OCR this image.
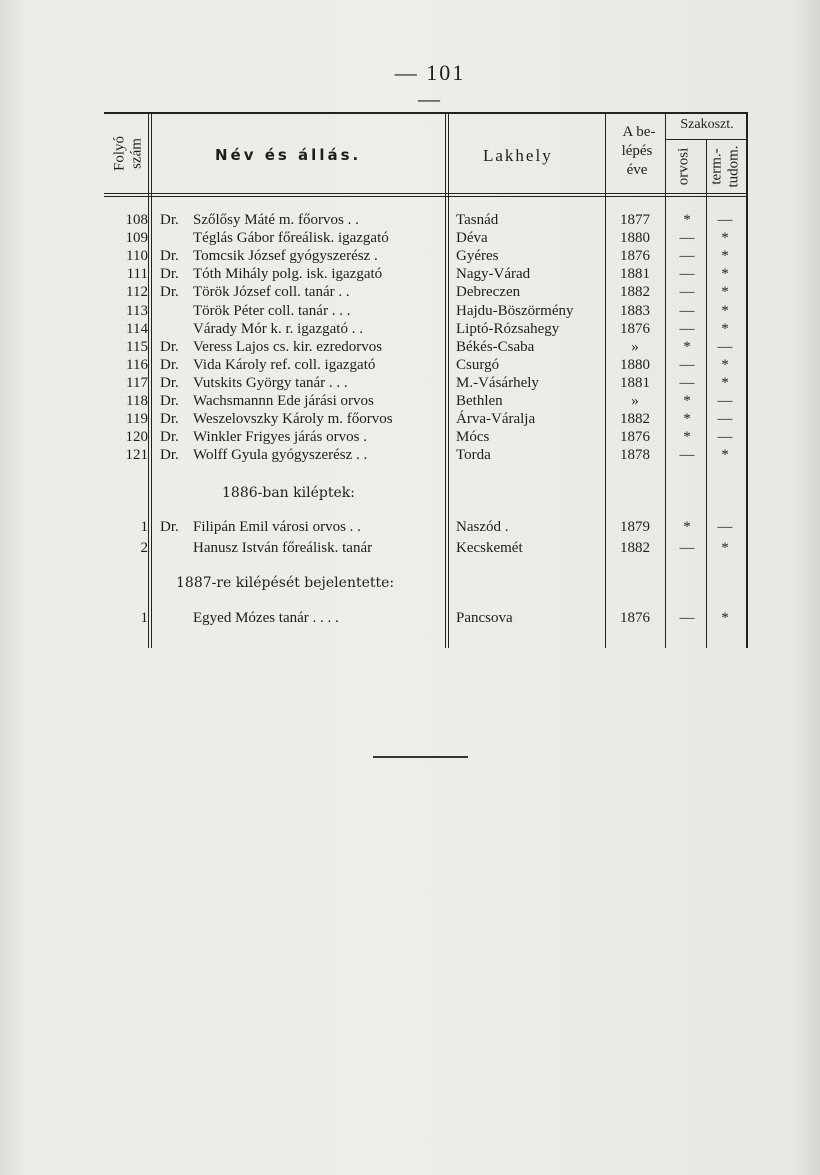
— 101 —
Folyó szám	Név és állás.	Lakhely
A be-
lépés
éve
Szakoszt.
orvosi term.- tudom.
108 Dr. Szőlősy Máté m. főorvos . .	Tasnád	1877	*	—
109	Téglás Gábor főreálisk. igazgató	Déva	1880	—	*
110 Dr. Tomcsik József gyógyszerész .	Gyéres	1876	—	*
111 Dr. Tóth Mihály polg. isk. igazgató	Nagy-Várad	1881	—	*
112 Dr. Török József coll. tanár . .	Debreczen	1882	—	*
113	Török Péter coll. tanár . . .	Hajdu-Böszörmény	1883	—	*
114	Várady Mór k. r. igazgató . .	Liptó-Rózsahegy	1876	—	*
115 Dr. Veress Lajos cs. kir. ezredorvos	Békés-Csaba	»	*	—
116 Dr. Vida Károly ref. coll. igazgató	Csurgó	1880	—	*
117 Dr. Vutskits György tanár . . .	M.-Vásárhely	1881	—	*
118 Dr. Wachsmannn Ede járási orvos	Bethlen	»	*	—
119 Dr. Weszelovszky Károly m. főorvos	Árva-Váralja	1882	*	—
120 Dr. Winkler Frigyes járás orvos .	Mócs	1876	*	—
121 Dr. Wolff Gyula gyógyszerész . .	Torda	1878	—	*
1886-ban kiléptek:
1 Dr. Filipán Emil városi orvos . .	Naszód .	1879	*	—
2	Hanusz István főreálisk. tanár	Kecskemét	1882	—	*
1887-re kilépését bejelentette:
1	Egyed Mózes tanár . . . .	Pancsova	1876	—	*
